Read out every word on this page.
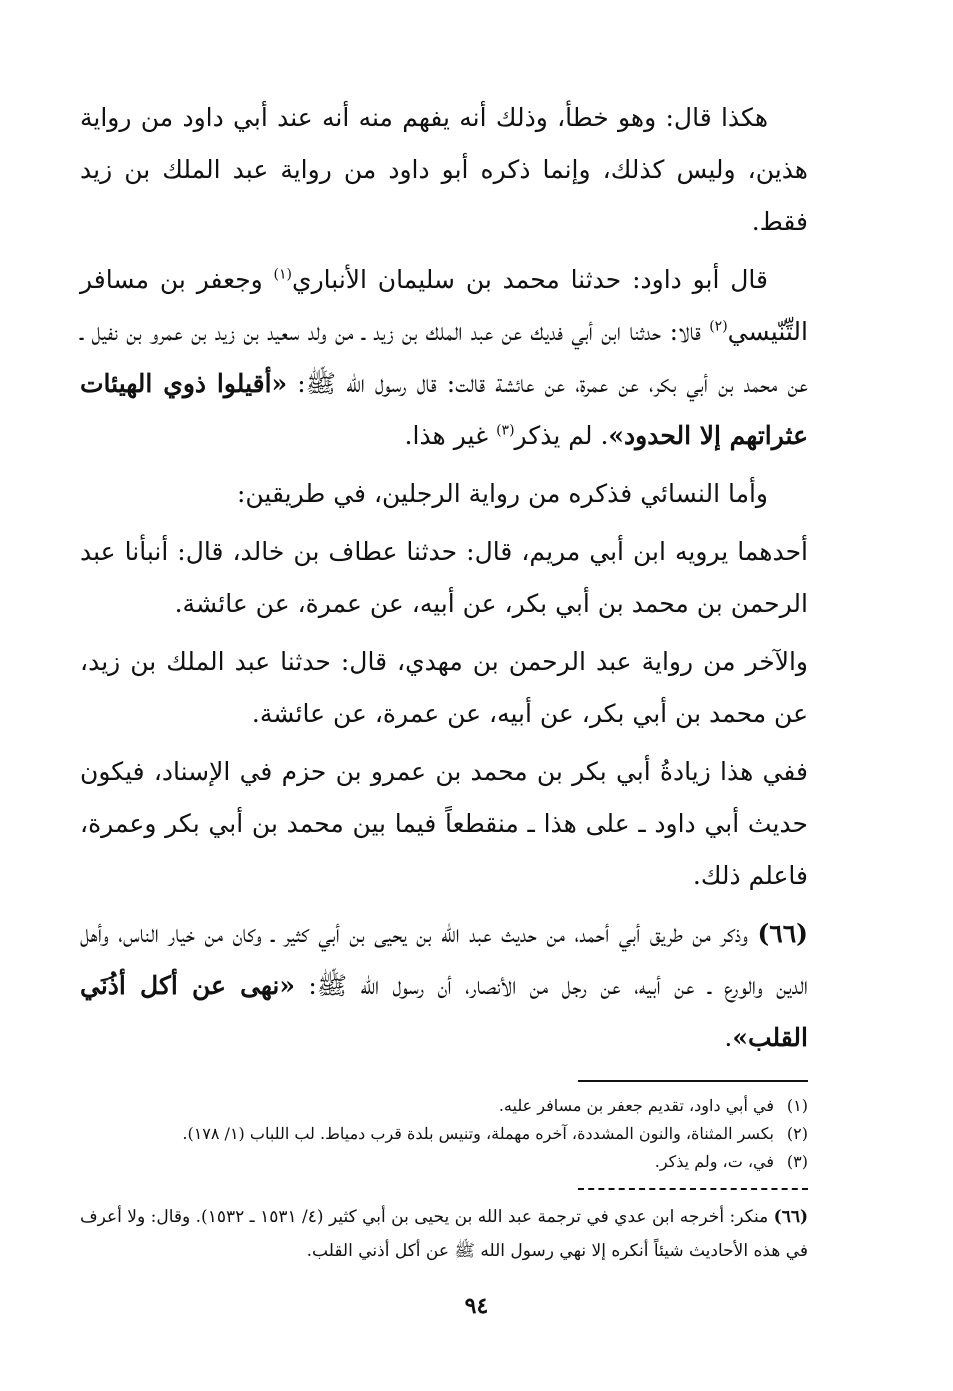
هكذا قال: وهو خطأ، وذلك أنه يفهم منه أنه عند أبي داود من رواية هذين، وليس كذلك، وإنما ذكره أبو داود من رواية عبد الملك بن زيد فقط.

قال أبو داود: حدثنا محمد بن سليمان الأنباري$^{(١)}$ وجعفر بن مسافر التِّنّيسي$^{(٢)}$ قالا: حدثنا ابن أبي فديك عن عبد الملك بن زيد ـ من ولد سعيد بن زيد بن عمرو بن نفيل ـ عن محمد بن أبي بكر، عن عمرة، عن عائشة قالت: قال رسول الله ﷺ: «أقيلوا ذوي الهيئات عثراتهم إلا الحدود». لم يذكر$^{(٣)}$ غير هذا.

وأما النسائي فذكره من رواية الرجلين، في طريقين:

أحدهما يرويه ابن أبي مريم، قال: حدثنا عطاف بن خالد، قال: أنبأنا عبد الرحمن بن محمد بن أبي بكر، عن أبيه، عن عمرة، عن عائشة.

والآخر من رواية عبد الرحمن بن مهدي، قال: حدثنا عبد الملك بن زيد، عن محمد بن أبي بكر، عن أبيه، عن عمرة، عن عائشة.

ففي هذا زيادةُ أبي بكر بن محمد بن عمرو بن حزم في الإسناد، فيكون حديث أبي داود ـ على هذا ـ منقطعاً فيما بين محمد بن أبي بكر وعمرة، فاعلم ذلك.

(٦٦) وذكر من طريق أبي أحمد، من حديث عبد الله بن يحيى بن أبي كثير ـ وكان من خيار الناس، وأهل الدين والورع ـ عن أبيه، عن رجل من الأنصار، أن رسول الله ﷺ: «نهى عن أكل أذُنَي القلب».

(١)في أبي داود، تقديم جعفر بن مسافر عليه.

(٢)بكسر المثناة، والنون المشددة، آخره مهملة، وتنيس بلدة قرب دمياط. لب اللباب (١/ ١٧٨).

(٣)في، ت، ولم يذكر.

(٦٦) منكر: أخرجه ابن عدي في ترجمة عبد الله بن يحيى بن أبي كثير (٤/ ١٥٣١ ـ ١٥٣٢). وقال: ولا أعرف في هذه الأحاديث شيئاً أنكره إلا نهي رسول الله ﷺ عن أكل أذني القلب.

٩٤
